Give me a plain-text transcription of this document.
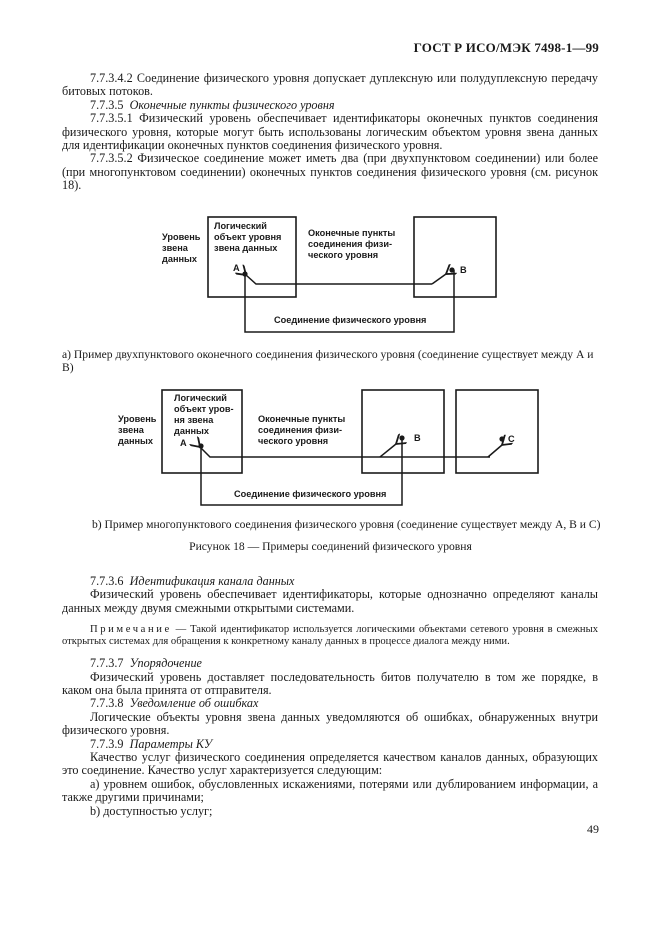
ГОСТ Р ИСО/МЭК 7498-1—99

7.7.3.4.2 Соединение физического уровня допускает дуплексную или полудуплексную передачу битовых потоков.

7.7.3.5 Оконечные пункты физического уровня

7.7.3.5.1 Физический уровень обеспечивает идентификаторы оконечных пунктов соединения физического уровня, которые могут быть использованы логическим объектом уровня звена данных для идентификации оконечных пунктов соединения физического уровня.

7.7.3.5.2 Физическое соединение может иметь два (при двухпунктовом соединении) или более (при многопунктовом соединении) оконечных пунктов соединения физического уровня (см. рисунок 18).

Уровень
звена
данных
Логический
объект уровня
звена данных
Оконечные пункты
соединения физи-
ческого уровня
A	B
Соединение физического уровня
а) Пример двухпунктового оконечного соединения физического уровня (соединение существует между А и В)
Уровень
звена
данных
Логический
объект уров-
ня звена
данных
Оконечные пункты
соединения физи-
ческого уровня
A	B	C
Соединение физического уровня
b) Пример многопунктового соединения физического уровня (соединение существует между А, В и С)
Рисунок 18 — Примеры соединений физического уровня

7.7.3.6 Идентификация канала данных

Физический уровень обеспечивает идентификаторы, которые однозначно определяют каналы данных между двумя смежными открытыми системами.

Примечание — Такой идентификатор используется логическими объектами сетевого уровня в смежных открытых системах для обращения к конкретному каналу данных в процессе диалога между ними.

7.7.3.7 Упорядочение

Физический уровень доставляет последовательность битов получателю в том же порядке, в каком она была принята от отправителя.

7.7.3.8 Уведомление об ошибках

Логические объекты уровня звена данных уведомляются об ошибках, обнаруженных внутри физического уровня.

7.7.3.9 Параметры КУ

Качество услуг физического соединения определяется качеством каналов данных, образующих это соединение. Качество услуг характеризуется следующим:

а) уровнем ошибок, обусловленных искажениями, потерями или дублированием информации, а также другими причинами;

b) доступностью услуг;

49
